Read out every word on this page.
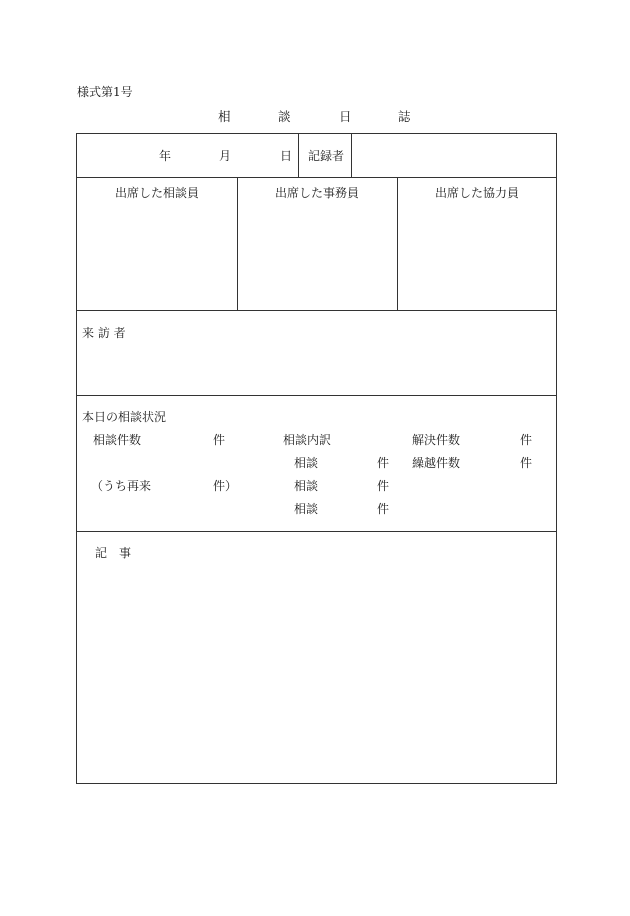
様式第1号
相	談	日	誌
年	月	日 記録者
出席した相談員	出席した事務員	出席した協力員
来 訪 者
本日の相談状況
相談件数	件	相談内訳	解決件数	件
相談	件 繰越件数	件
（うち再来	件）	相談	件
相談	件
記　事
